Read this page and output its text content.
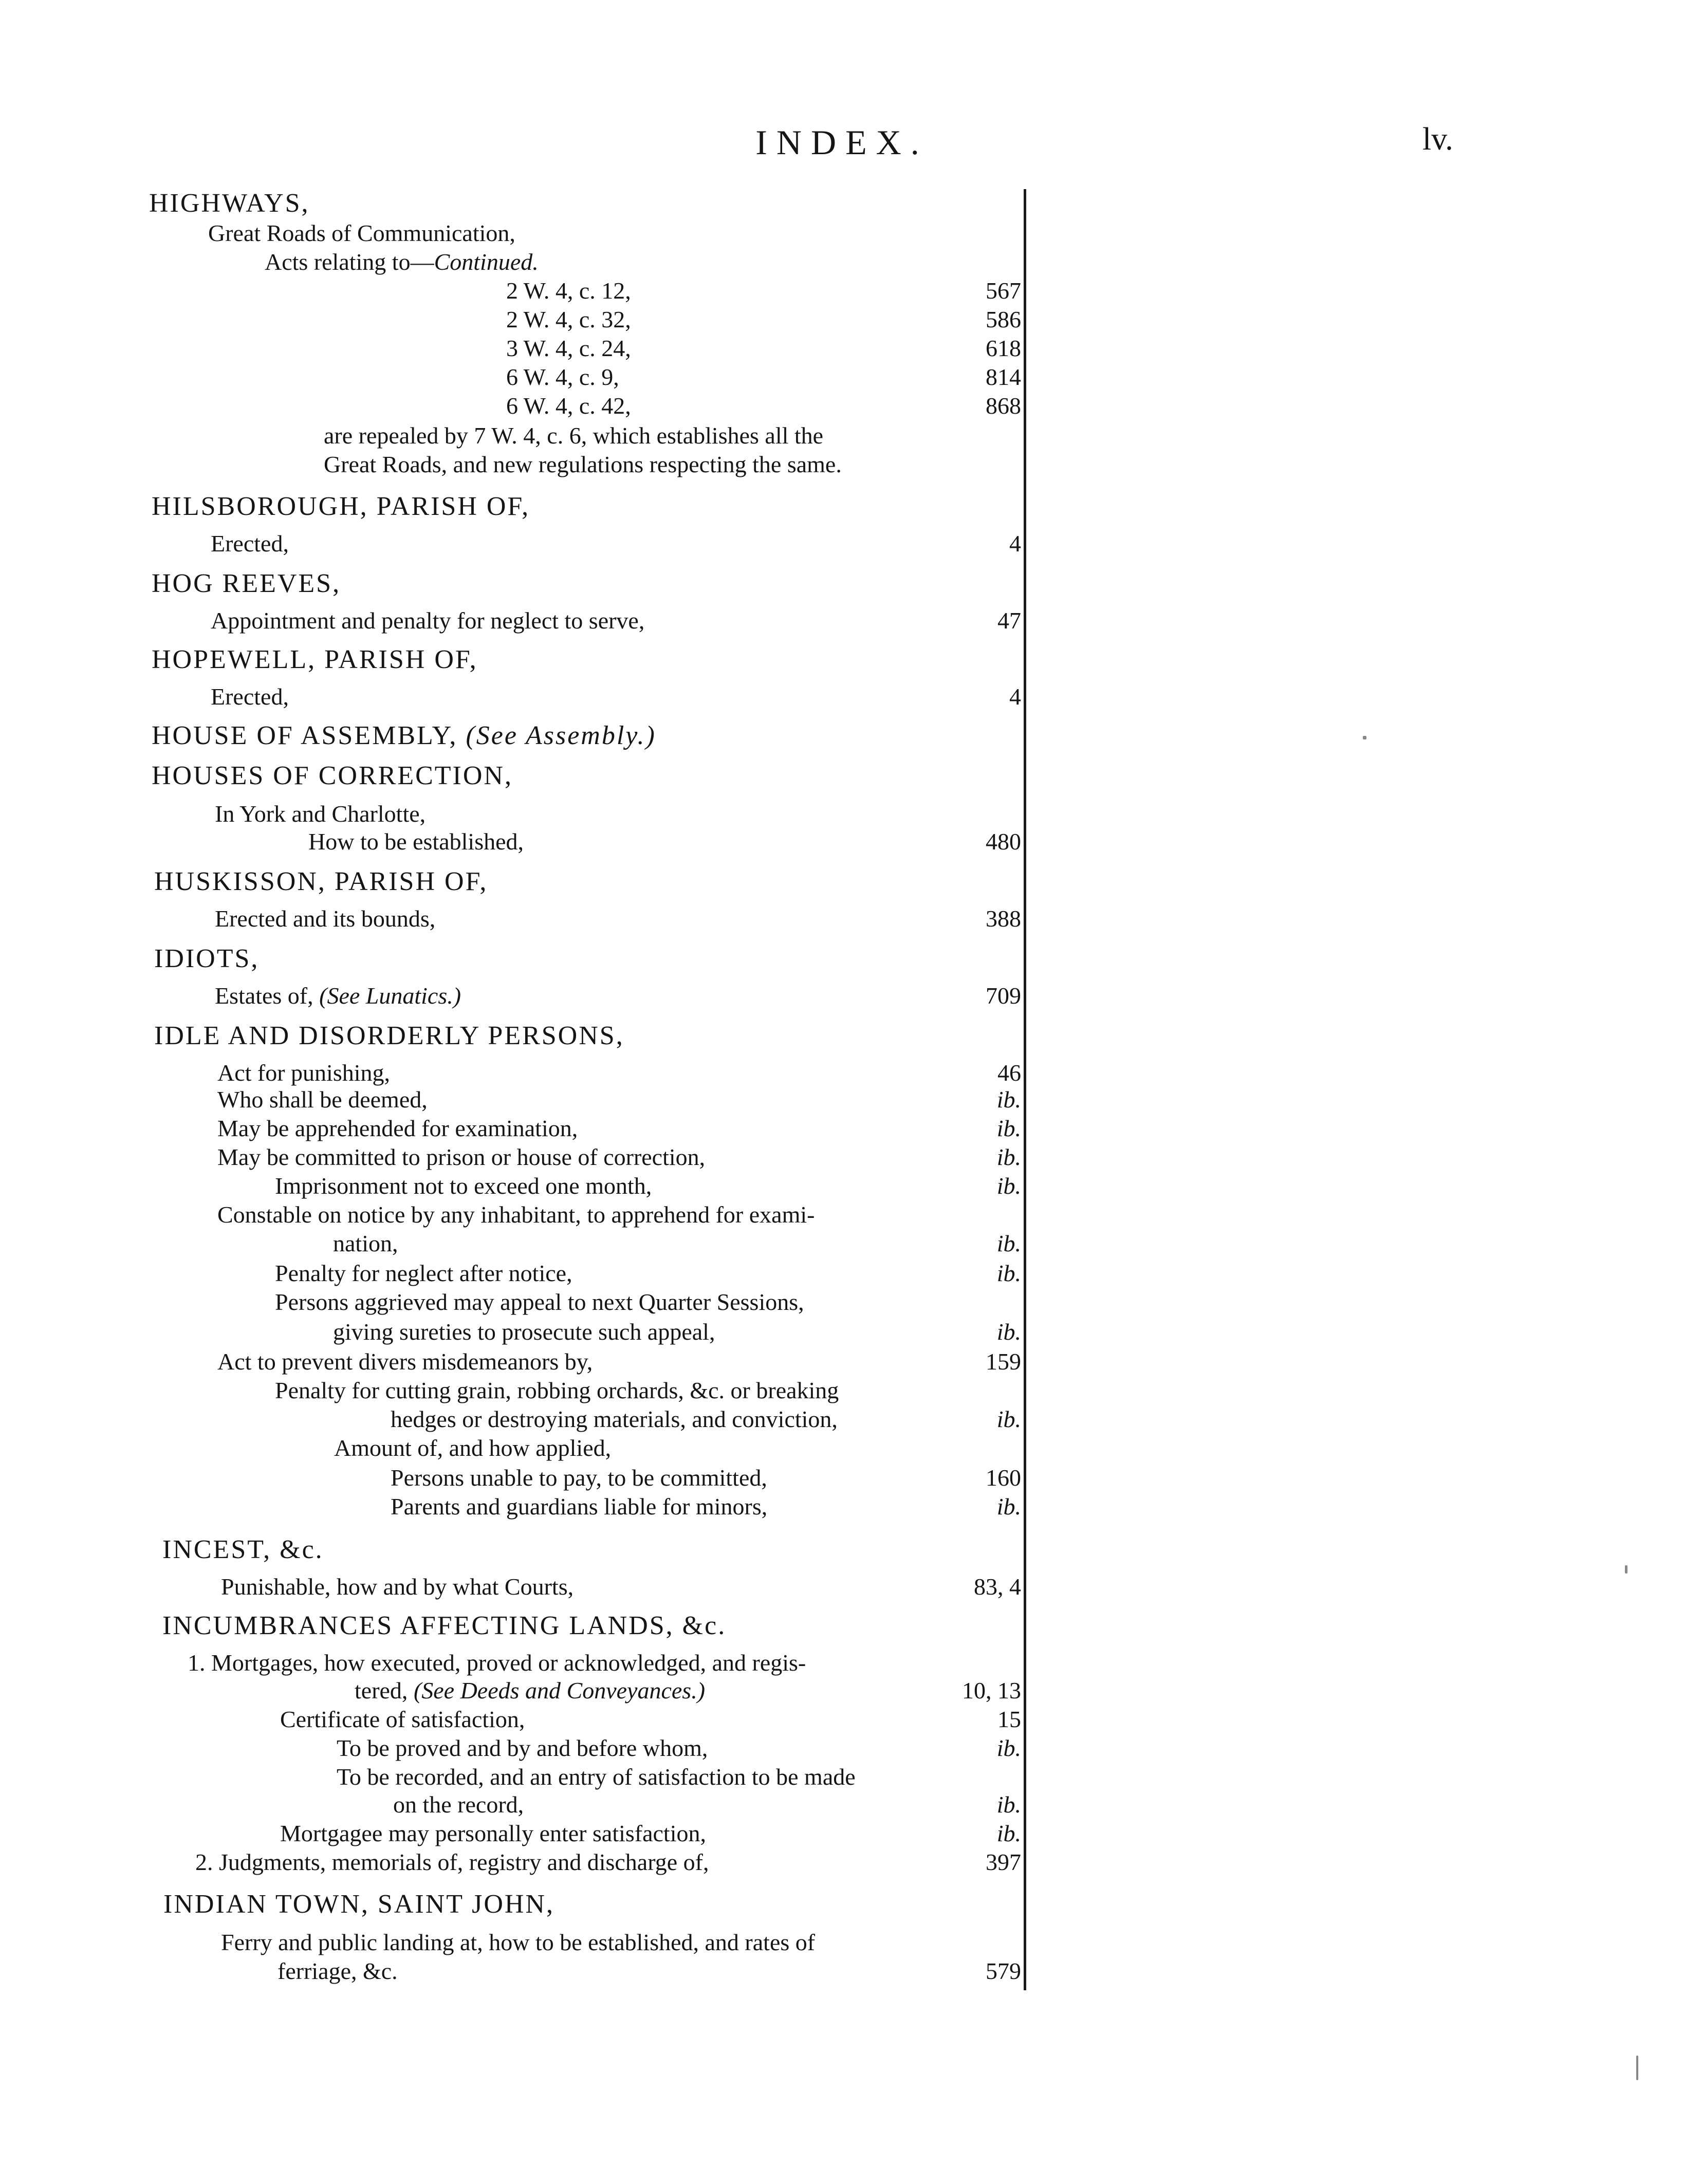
INDEX.	lv.
HIGHWAYS,
Great Roads of Communication,
Acts relating to—Continued.
2 W. 4, c. 12,	567
2 W. 4, c. 32,	586
3 W. 4, c. 24,	618
6 W. 4, c. 9,	814
6 W. 4, c. 42,	868
are repealed by 7 W. 4, c. 6, which establishes all the
Great Roads, and new regulations respecting the same.
HILSBOROUGH, PARISH OF,
Erected,	4
HOG REEVES,
Appointment and penalty for neglect to serve,	47
HOPEWELL, PARISH OF,
Erected,	4
HOUSE OF ASSEMBLY, (See Assembly.)
HOUSES OF CORRECTION,
In York and Charlotte,
How to be established,	480
HUSKISSON, PARISH OF,
Erected and its bounds,	388
IDIOTS,
Estates of, (See Lunatics.)	709
IDLE AND DISORDERLY PERSONS,
Act for punishing,	46
Who shall be deemed,	ib.
May be apprehended for examination,	ib.
May be committed to prison or house of correction,	ib.
Imprisonment not to exceed one month,	ib.
Constable on notice by any inhabitant, to apprehend for exami-
nation,	ib.
Penalty for neglect after notice,	ib.
Persons aggrieved may appeal to next Quarter Sessions,
giving sureties to prosecute such appeal,	ib.
Act to prevent divers misdemeanors by,	159
Penalty for cutting grain, robbing orchards, &c. or breaking
hedges or destroying materials, and conviction,	ib.
Amount of, and how applied,
Persons unable to pay, to be committed,	160
Parents and guardians liable for minors,	ib.
INCEST, &c.
Punishable, how and by what Courts,	83, 4
INCUMBRANCES AFFECTING LANDS, &c.
1. Mortgages, how executed, proved or acknowledged, and regis-
tered, (See Deeds and Conveyances.)	10, 13
Certificate of satisfaction,	15
To be proved and by and before whom,	ib.
To be recorded, and an entry of satisfaction to be made
on the record,	ib.
Mortgagee may personally enter satisfaction,	ib.
2. Judgments, memorials of, registry and discharge of,	397
INDIAN TOWN, SAINT JOHN,
Ferry and public landing at, how to be established, and rates of
ferriage, &c.	579
